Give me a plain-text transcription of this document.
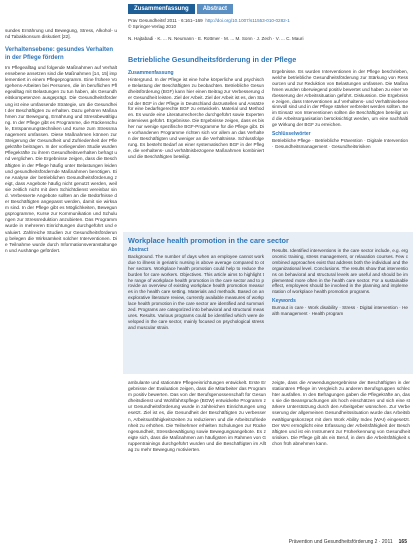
Zusammenfassung	Abstract
Prav Gesundheitsf 2011 · 6:161–169 http://doi.org/10.1007/s11553-010-0282-1
© Springer-Verlag 2010
N. Hajtabadi · K. ... N. Neumann · E. Rottmer · M. ... M. Sonn · J. Zech · V. ... C. Mauri
Betriebliche Gesundheitsförderung in der Pflege
Zusammenfassung
Hintergrund. In der Pflege ist eine hohe körperliche und psychische Belastung der Beschäftigten zu beobachten. Betriebliche Gesundheitsförderung (BGF) kann hier einen Beitrag zur Verbesserung der Gesundheit leisten. Ziel der Arbeit. Ziel der Arbeit ist es, den Stand der BGF in der Pflege in Deutschland darzustellen und Ansätze für eine bedarfsgerechte BGF zu entwickeln. Material und Methoden. Es wurde eine Literaturrecherche durchgeführt sowie Experteninterviews geführt. Ergebnisse. Die Ergebnisse zeigen, dass es bisher nur wenige spezifische BGF-Programme für die Pflege gibt. Die vorhandenen Programme richten sich vor allem an das Verhalten der Beschäftigten und weniger an die Verhältnisse. Schlussfolgerung. Es besteht Bedarf an einer systematischen BGF in der Pflege, die verhaltens- und verhältnisbezogene Maßnahmen kombiniert und die Beschäftigten beteiligt.
Ergebnisse. Es wurden Interventionen in der Pflege beschrieben, welche betriebliche Gesundheitsförderung zur Stärkung von Ressourcen und zur Reduktion von Belastungen umfassen. Die Maßnahmen wurden überwiegend positiv bewertet und haben zu einer Verbesserung der Arbeitssituation geführt. Diskussion. Die Ergebnisse zeigen, dass Interventionen auf Verhaltens- und Verhältnisebene sinnvoll sind und in der Pflege stärker verbreitet werden sollten. Beim Einsatz von Interventionen sollten die Beschäftigten beteiligt und die Arbeitsorganisation berücksichtigt werden, um eine nachhaltige Wirkung der BGF zu erreichen.
Schlüsselwörter
Betriebliche Pflege · Betriebliche Prävention · Digitale Intervention · Gesundheitsmanagement · Gesundheitsrisiken
Workplace health promotion in the care sector
Abstract
Background. The number of days when an employee cannot work due to illness in geriatric nursing is above average compared to other sectors. Workplace health promotion could help to reduce the burden for care workers. Objectives. This article aims to highlight the range of workplace health promotion in the care sector and to provide an overview of existing workplace health promotion measures in the health care setting. Materials and methods. Based on an explorative literature review, currently available measures of workplace health promotion in the care sector are identified and summarized. Programs are categorized into behavioral and structural measures. Results. Various programs could be identified which were developed in the care sector, mainly focused on psychological stress and muscular strain.
Results. Identified interventions in the care sector include, e.g. ergonomic training, stress management, or relaxation courses. Few combined approaches exist that address both the individual and the organizational level. Conclusions. The results show that interventions on behavioral and structural levels are useful and should be implemented more often in the health care sector. For a sustainable effect, employees should be involved in the planning and implementation of workplace health promotion programs.
Keywords
Burnout in care · Work disability · Stress · Digital intervention · Health management · Health program
sundes Ernährung und Bewegung, Stress, Alkohol- und Tabakkonsum diskutiert [22].
Verhaltensebene: gesundes Verhalten in der Pflege fördern
Im Pflegealltag und folgende Maßnahmen auf Verhaltensebene ansetzen sind die Maßnahmen [14, 15] implementiert in einem Pflegeprogramm. Eine frühere Vorgehens-Arbeiten bei Personen, die im beruflichen Pflegealltag mit Belastungen zu tun haben, als Gesundheitskompetenzen ausgeprägt. Die Gesundheitsförderung ist eine umfassende Strategie, um die Gesundheit der Beschäftigten zu erhalten. Dazu gehören Maßnahmen zur Bewegung, Ernährung und Stressbewältigung. In der Pflege gibt es Programme, die Rückenschule, Entspannungstechniken und Kurse zum Stressmanagement umfassen. Diese Maßnahmen können zur Steigerung der Gesundheit und Zufriedenheit der Pflegekräfte beitragen. In der vorliegenden Studie wurden Pflegekräfte zu ihrem Gesundheitsverhalten befragt und verglichen. Die Ergebnisse zeigen, dass die Beschäftigten in der Pflege häufig unter Belastungen leiden und gesundheitsfördernde Maßnahmen benötigen. Eine Analyse der betrieblichen Gesundheitsförderung zeigt, dass Angebote häufig nicht genutzt werden, weil sie zeitlich nicht mit dem Schichtdienst vereinbar sind. Verbesserte Angebote sollten an die Bedürfnisse der Beschäftigten angepasst werden, damit sie wirksam sind. In der Pflege gibt es Möglichkeiten, Bewegungsprogramme, Kurse zur Kommunikation und Schulungen zur Stressreduktion anzubieten. Das Programm wurde in mehreren Einrichtungen durchgeführt und evaluiert. Zahlreiche Studien zur Gesundheitsförderung belegen die Wirksamkeit solcher Interventionen. Die Teilnahme wurde durch Informationsveranstaltungen und Aushänge gefördert.
ambulante und stationäre Pflegeeinrichtungen entwickelt. Erste Ergebnisse der Evaluation zeigen, dass die Mitarbeiter das Programm positiv bewerten. Das von der Berufsgenossenschaft für Gesundheitsdienst und Wohlfahrtspflege (BGW) entwickelte Programm zur Gesundheitsförderung wurde in zahlreichen Einrichtungen umgesetzt. Ziel ist es, die Gesundheit der Beschäftigten zu verbessern, Arbeitsunfähigkeitszeiten zu reduzieren und die Arbeitszufriedenheit zu erhöhen. Die Teilnehmer erhielten Schulungen zur Rückengesundheit, Stressbewältigung sowie Bewegungsangebote. Es zeigte sich, dass die Maßnahmen am häufigsten im Rahmen von Gruppentrainings durchgeführt wurden und die Beschäftigten im Alltag zu mehr Bewegung motivierten.
zeigte, dass die Anwendungsergebnisse der Beschäftigten in der stationären Pflege im Vergleich zu anderen Berufsgruppen schlechter ausfallen. In den Befragungen gaben die Pflegekräfte an, dass sie die Beanspruchungen als hoch einschätzen und sich eine stärkere Unterstützung durch den Arbeitgeber wünschen. Zur Verbesserung der allgemeinen Gesundheitssituation wurde das Arbeitsbewältigungskonzept mit dem Work Ability Index (WAI) eingesetzt. Der WAI ermöglicht eine Erfassung der Arbeitsfähigkeit der Beschäftigten und ist ein Instrument zur Früherkennung von Gesundheitsrisiken. Die Pflege gilt als ein Beruf, in dem die Arbeitsfähigkeit schon früh abnehmen kann.
Prävention und Gesundheitsförderung 2 · 2011 165
